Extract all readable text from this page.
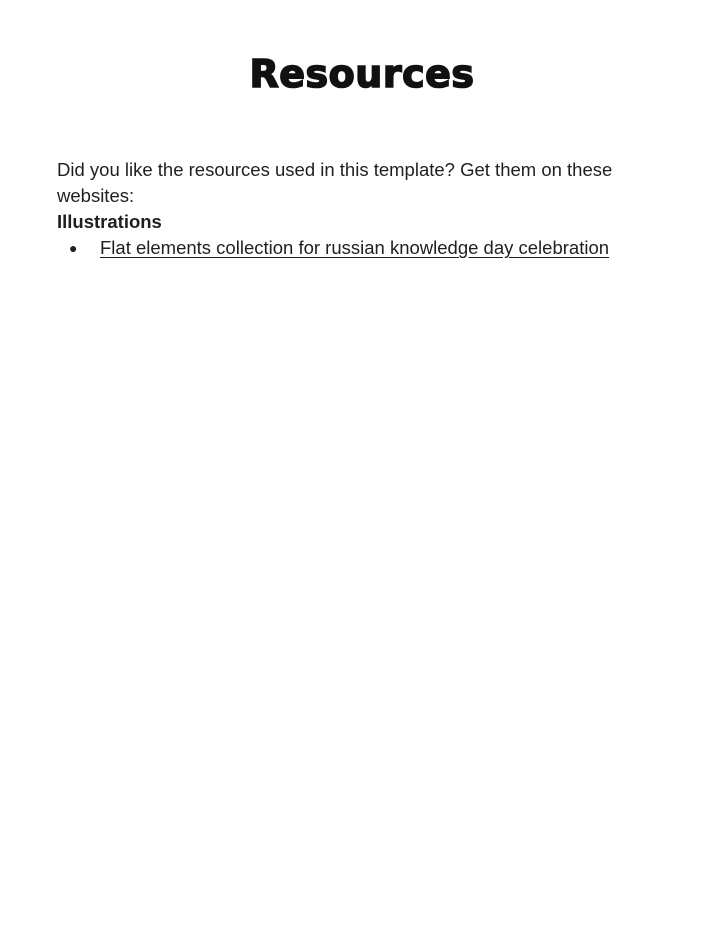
Resources

Did you like the resources used in this template? Get them on these websites:

Illustrations

● Flat elements collection for russian knowledge day celebration
